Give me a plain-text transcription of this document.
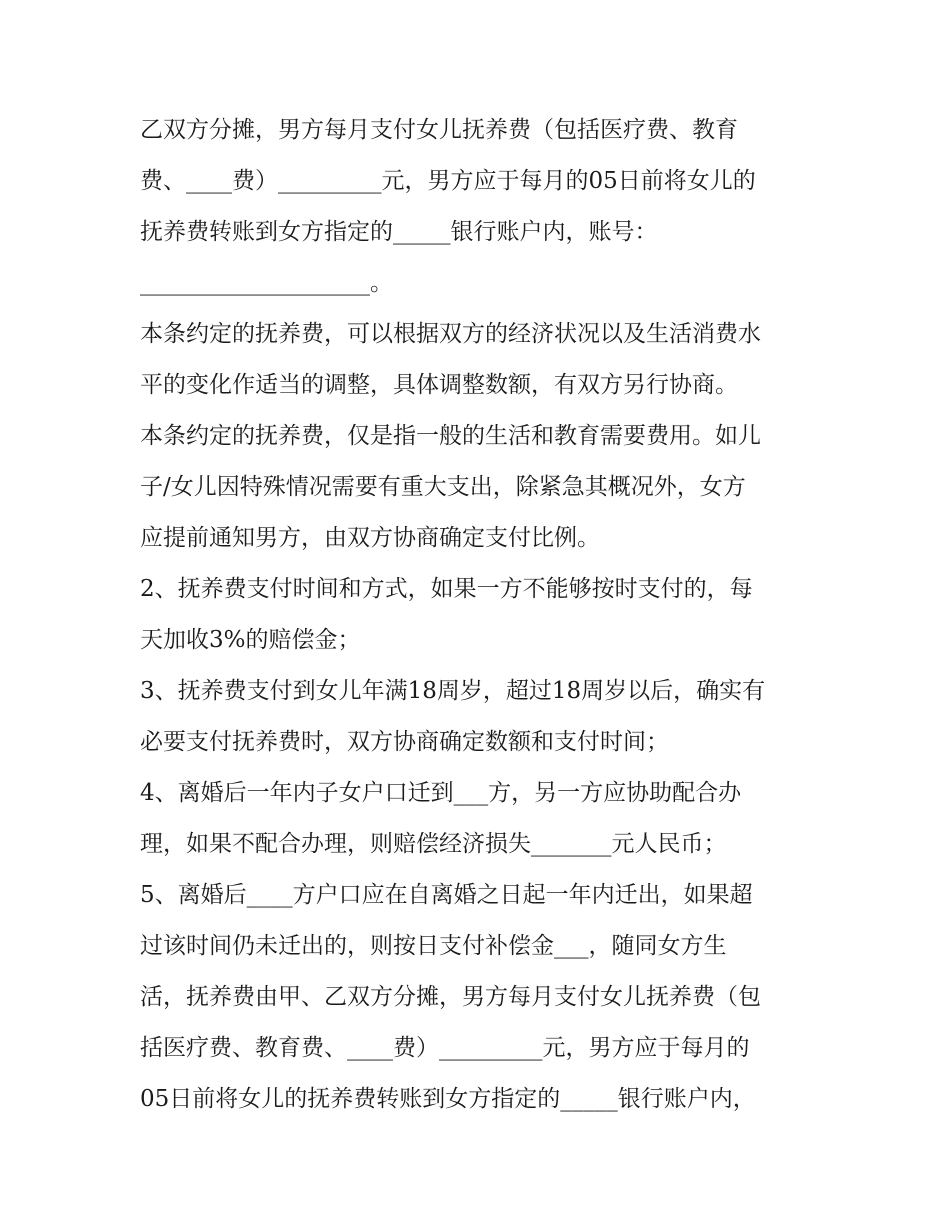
乙双方分摊，男方每月支付女儿抚养费（包括医疗费、教育
费、____费）_________元，男方应于每月的05日前将女儿的
抚养费转账到女方指定的_____银行账户内，账号：
____________________。
本条约定的抚养费，可以根据双方的经济状况以及生活消费水
平的变化作适当的调整，具体调整数额，有双方另行协商。
本条约定的抚养费，仅是指一般的生活和教育需要费用。如儿
子/女儿因特殊情况需要有重大支出，除紧急其概况外，女方
应提前通知男方，由双方协商确定支付比例。
2、抚养费支付时间和方式，如果一方不能够按时支付的，每
天加收3%的赔偿金；
3、抚养费支付到女儿年满18周岁，超过18周岁以后，确实有
必要支付抚养费时，双方协商确定数额和支付时间；
4、离婚后一年内子女户口迁到___方，另一方应协助配合办
理，如果不配合办理，则赔偿经济损失_______元人民币；
5、离婚后____方户口应在自离婚之日起一年内迁出，如果超
过该时间仍未迁出的，则按日支付补偿金___，随同女方生
活，抚养费由甲、乙双方分摊，男方每月支付女儿抚养费（包
括医疗费、教育费、____费）_________元，男方应于每月的
05日前将女儿的抚养费转账到女方指定的_____银行账户内，
